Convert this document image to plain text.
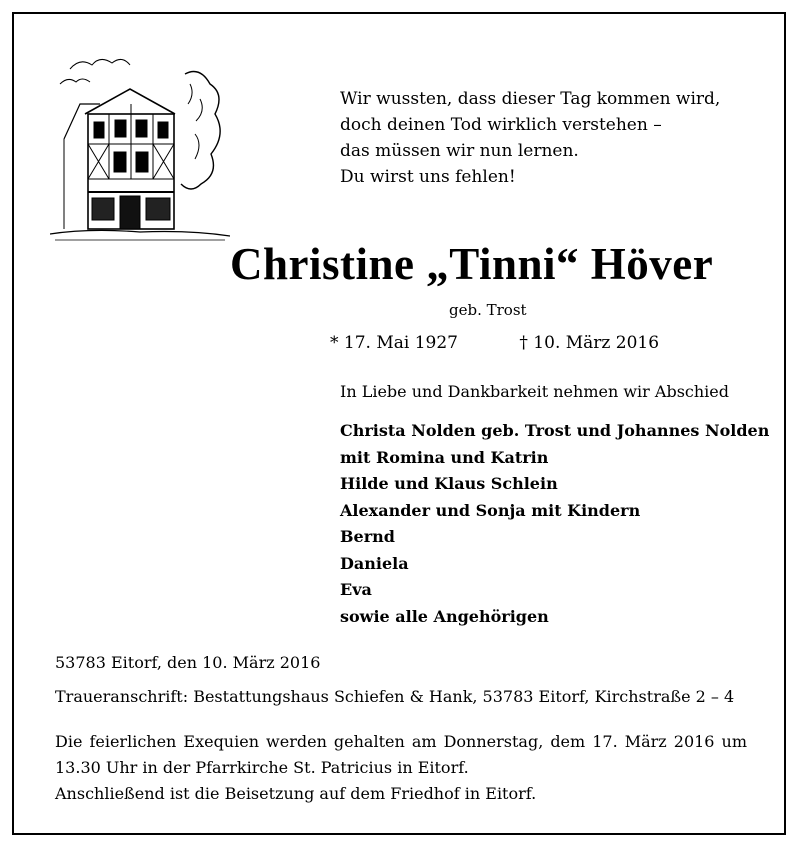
Wir wussten, dass dieser Tag kommen wird,
doch deinen Tod wirklich verstehen –
das müssen wir nun lernen.
Du wirst uns fehlen!
Christine „Tinni“ Höver
geb. Trost
* 17. Mai 1927	† 10. März 2016
In Liebe und Dankbarkeit nehmen wir Abschied
Christa Nolden geb. Trost und Johannes Nolden
mit Romina und Katrin
Hilde und Klaus Schlein
Alexander und Sonja mit Kindern
Bernd
Daniela
Eva
sowie alle Angehörigen
53783 Eitorf, den 10. März 2016
Traueranschrift: Bestattungshaus Schiefen & Hank, 53783 Eitorf, Kirchstraße 2 – 4

Die feierlichen Exequien werden gehalten am Donnerstag, dem 17. März 2016 um

13.30 Uhr in der Pfarrkirche St. Patricius in Eitorf.

Anschließend ist die Beisetzung auf dem Friedhof in Eitorf.
